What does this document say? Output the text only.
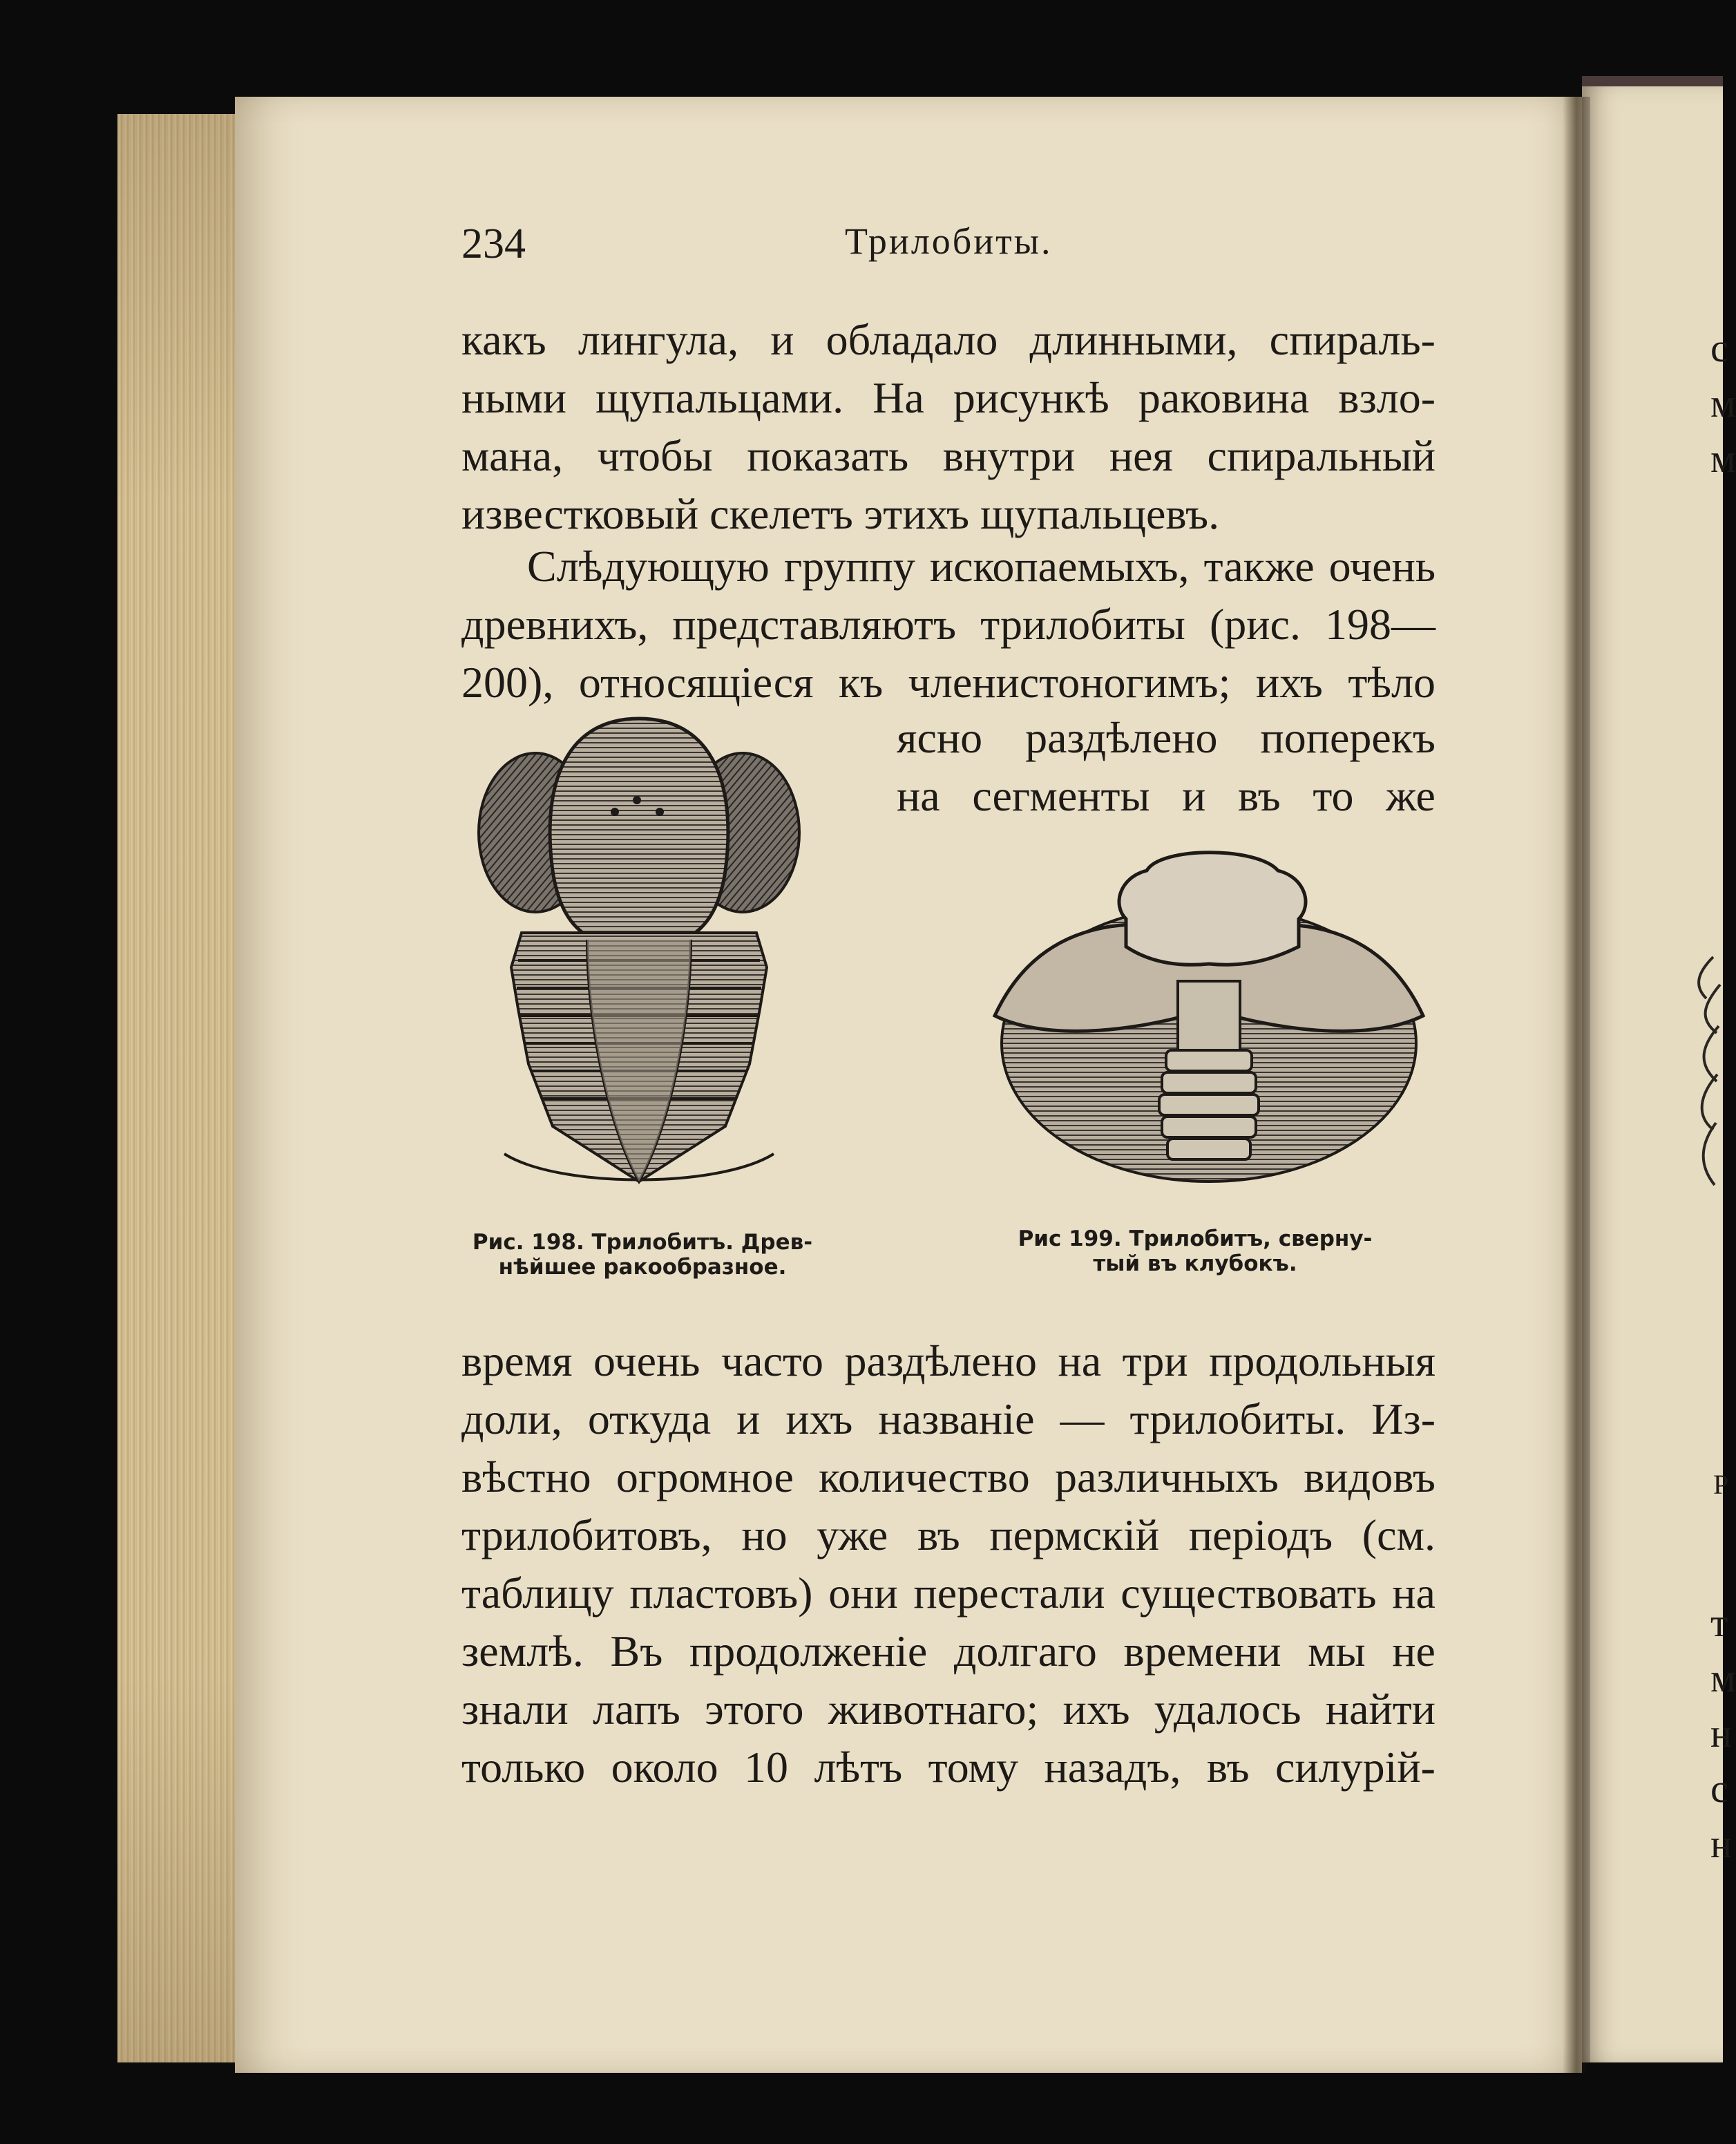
с
м
м
Р
т
м
н
с
н
234	Трилобиты.
какъ лингула, и обладало длинными, спираль-
ными щупальцами. На рисункѣ раковина взло-
мана, чтобы показать внутри нея спиральный
известковый скелетъ этихъ щупальцевъ.
Слѣдующую группу ископаемыхъ, также очень
древнихъ, представляютъ трилобиты (рис. 198—
200), относящіеся къ членистоногимъ; ихъ тѣло
ясно раздѣлено поперекъ
на сегменты и въ то же
Рис. 198. Трилобитъ. Древ-
нѣйшее ракообразное.
Рис 199. Трилобитъ, сверну-
тый въ клубокъ.
время очень часто раздѣлено на три продольныя
доли, откуда и ихъ названіе — трилобиты. Из-
вѣстно огромное количество различныхъ видовъ
трилобитовъ, но уже въ пермскій періодъ (см.
таблицу пластовъ) они перестали существовать на
землѣ. Въ продолженіе долгаго времени мы не
знали лапъ этого животнаго; ихъ удалось найти
только около 10 лѣтъ тому назадъ, въ силурій-
